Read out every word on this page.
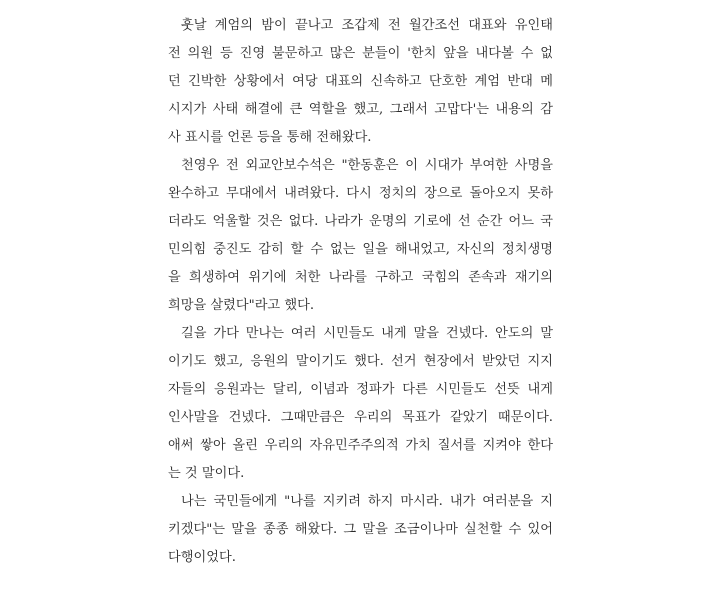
훗날 계엄의 밤이 끝나고 조갑제 전 월간조선 대표와 유인태
전 의원 등 진영 불문하고 많은 분들이 '한치 앞을 내다볼 수 없
던 긴박한 상황에서 여당 대표의 신속하고 단호한 계엄 반대 메
시지가 사태 해결에 큰 역할을 했고, 그래서 고맙다'는 내용의 감
사 표시를 언론 등을 통해 전해왔다.
천영우 전 외교안보수석은 "한동훈은 이 시대가 부여한 사명을
완수하고 무대에서 내려왔다. 다시 정치의 장으로 돌아오지 못하
더라도 억울할 것은 없다. 나라가 운명의 기로에 선 순간 어느 국
민의힘 중진도 감히 할 수 없는 일을 해내었고, 자신의 정치생명
을 희생하여 위기에 처한 나라를 구하고 국힘의 존속과 재기의
희망을 살렸다"라고 했다.
길을 가다 만나는 여러 시민들도 내게 말을 건넸다. 안도의 말
이기도 했고, 응원의 말이기도 했다. 선거 현장에서 받았던 지지
자들의 응원과는 달리, 이념과 정파가 다른 시민들도 선뜻 내게
인사말을 건넸다. 그때만큼은 우리의 목표가 같았기 때문이다.
애써 쌓아 올린 우리의 자유민주주의적 가치 질서를 지켜야 한다
는 것 말이다.
나는 국민들에게 "나를 지키려 하지 마시라. 내가 여러분을 지
키겠다"는 말을 종종 해왔다. 그 말을 조금이나마 실천할 수 있어
다행이었다.
